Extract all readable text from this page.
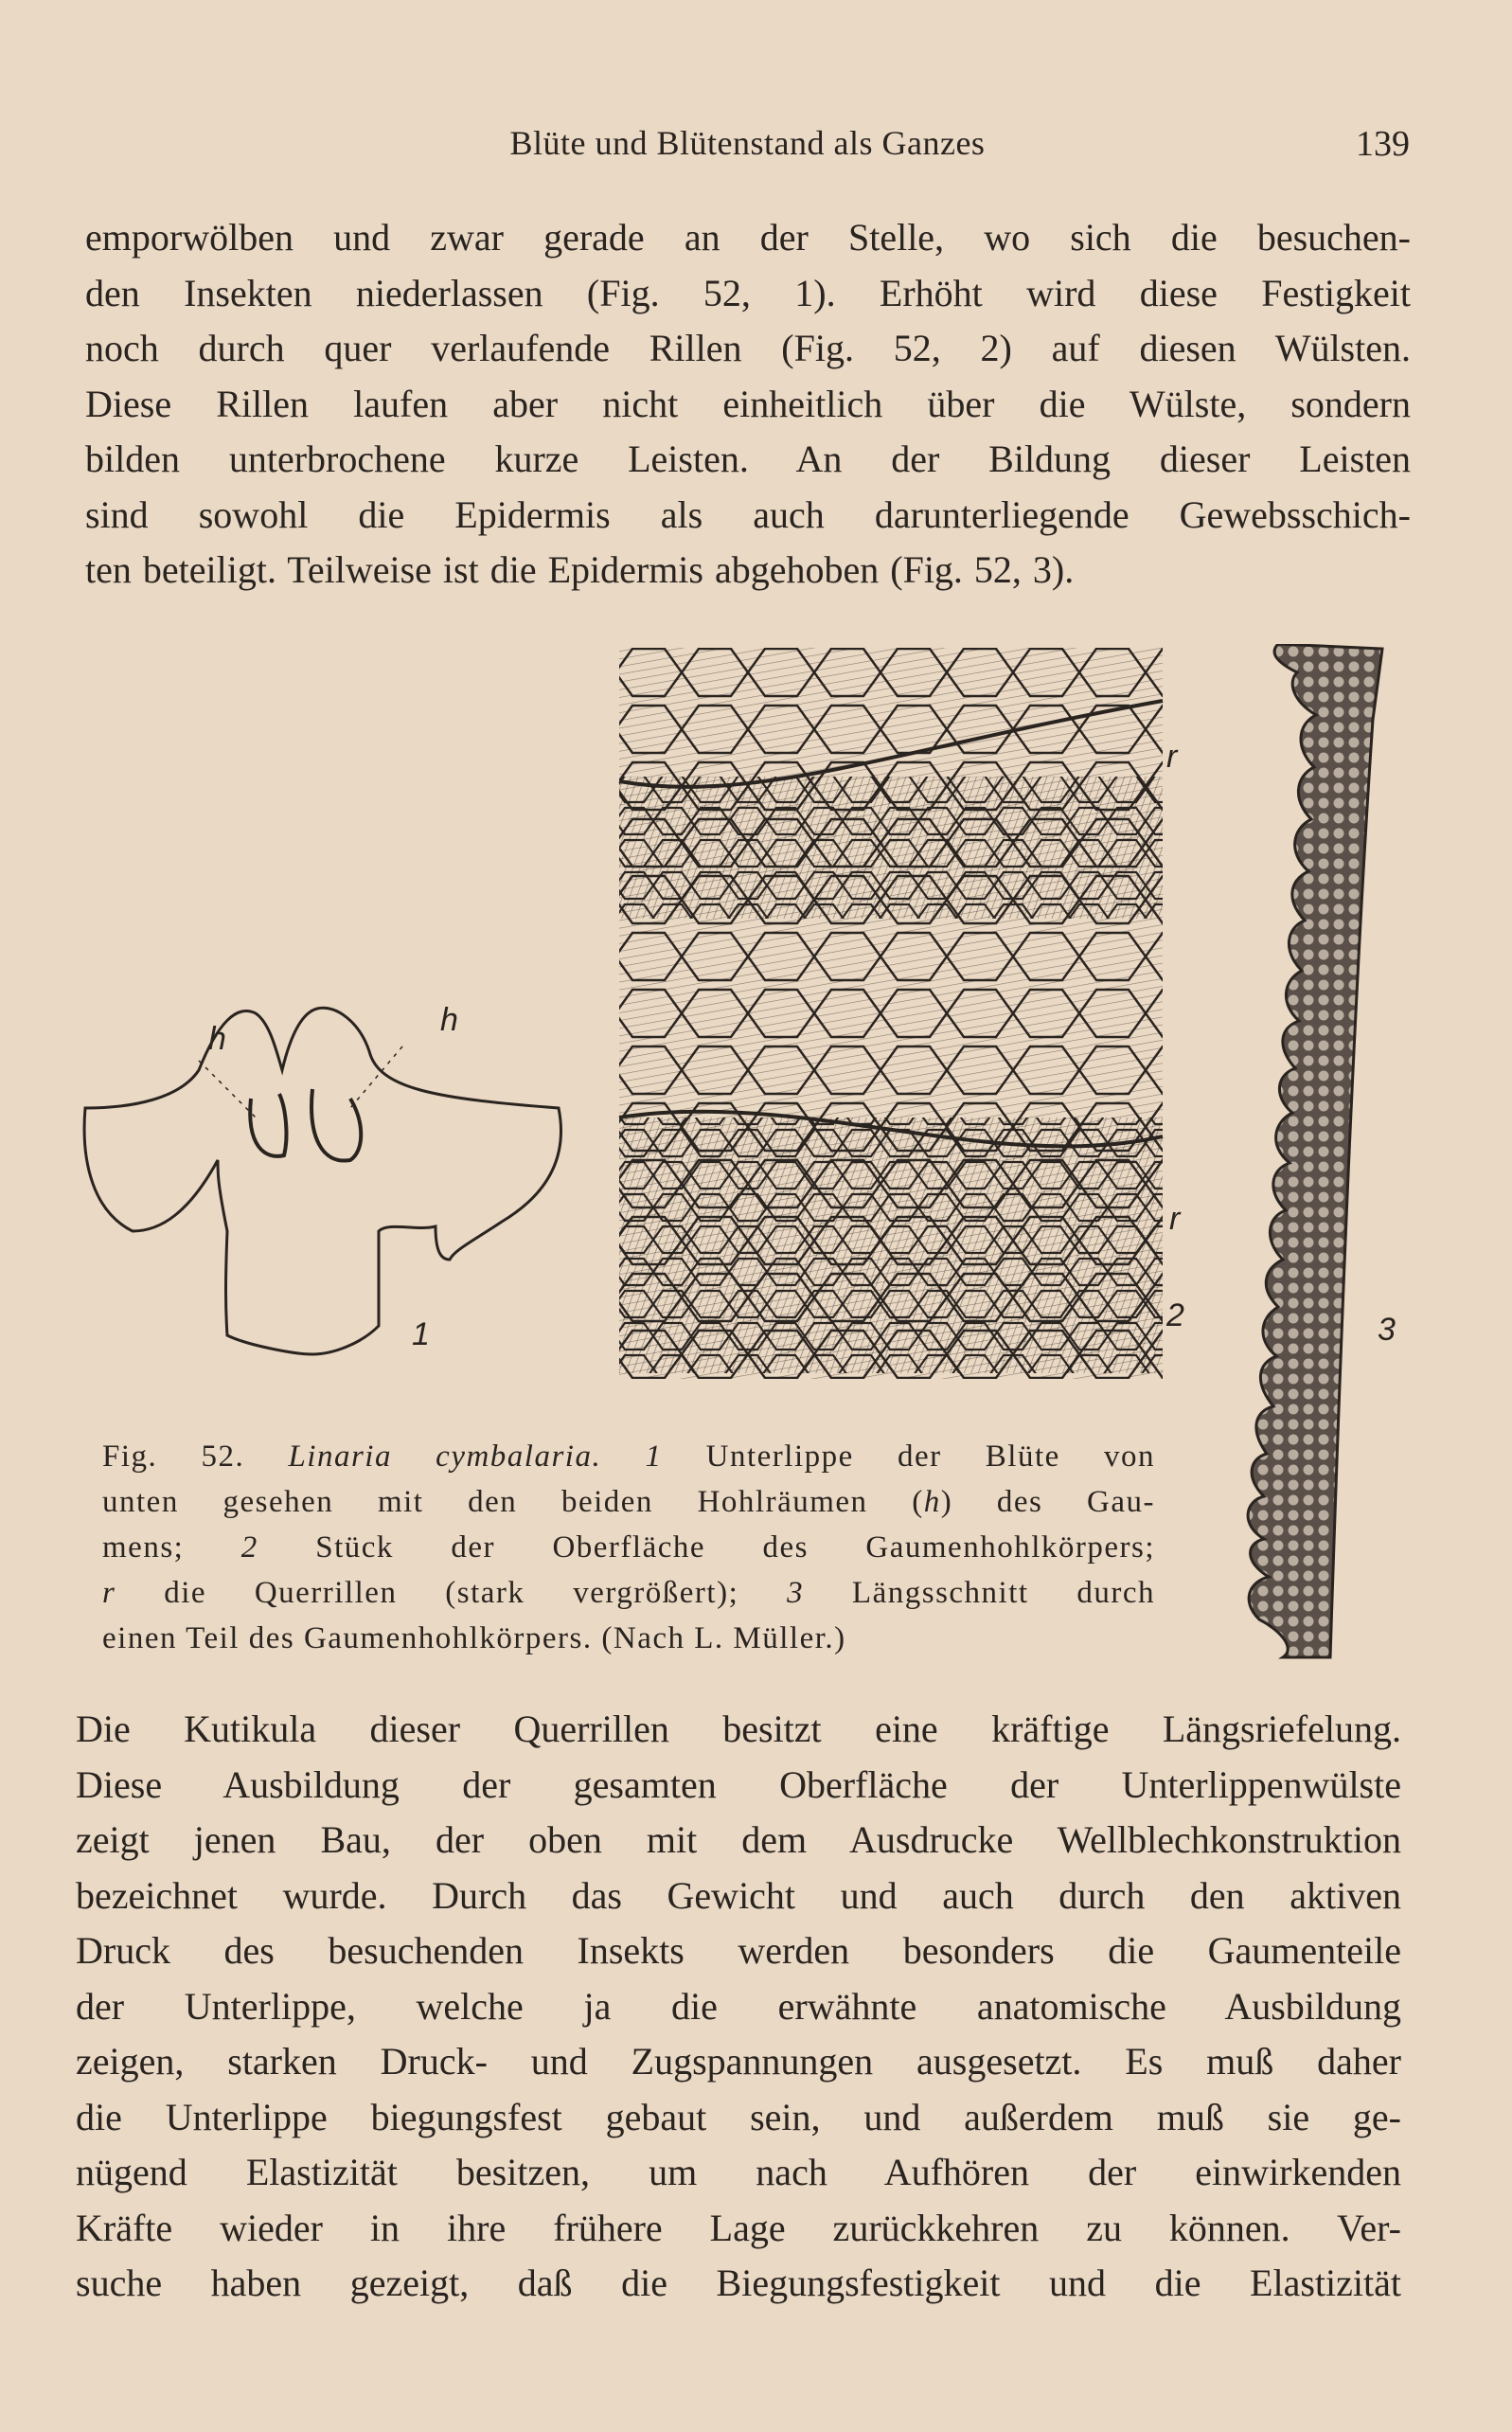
Blüte und Blütenstand als Ganzes	139
emporwölben und zwar gerade an der Stelle, wo sich die besuchen-
den Insekten niederlassen (Fig. 52, 1). Erhöht wird diese Festigkeit
noch durch quer verlaufende Rillen (Fig. 52, 2) auf diesen Wülsten.
Diese Rillen laufen aber nicht einheitlich über die Wülste, sondern
bilden unterbrochene kurze Leisten. An der Bildung dieser Leisten
sind sowohl die Epidermis als auch darunterliegende Gewebsschich-
ten beteiligt. Teilweise ist die Epidermis abgehoben (Fig. 52, 3).
h
h
1
r
r
2	3
Fig. 52. Linaria cymbalaria. 1 Unterlippe der Blüte von
unten gesehen mit den beiden Hohlräumen (h) des Gau-
mens; 2 Stück der Oberfläche des Gaumenhohlkörpers;
r die Querrillen (stark vergrößert); 3 Längsschnitt durch
einen Teil des Gaumenhohlkörpers. (Nach L. Müller.)
Die Kutikula dieser Querrillen besitzt eine kräftige Längsriefelung.
Diese Ausbildung der gesamten Oberfläche der Unterlippenwülste
zeigt jenen Bau, der oben mit dem Ausdrucke Wellblechkonstruktion
bezeichnet wurde. Durch das Gewicht und auch durch den aktiven
Druck des besuchenden Insekts werden besonders die Gaumenteile
der Unterlippe, welche ja die erwähnte anatomische Ausbildung
zeigen, starken Druck- und Zugspannungen ausgesetzt. Es muß daher
die Unterlippe biegungsfest gebaut sein, und außerdem muß sie ge-
nügend Elastizität besitzen, um nach Aufhören der einwirkenden
Kräfte wieder in ihre frühere Lage zurückkehren zu können. Ver-
suche haben gezeigt, daß die Biegungsfestigkeit und die Elastizität
